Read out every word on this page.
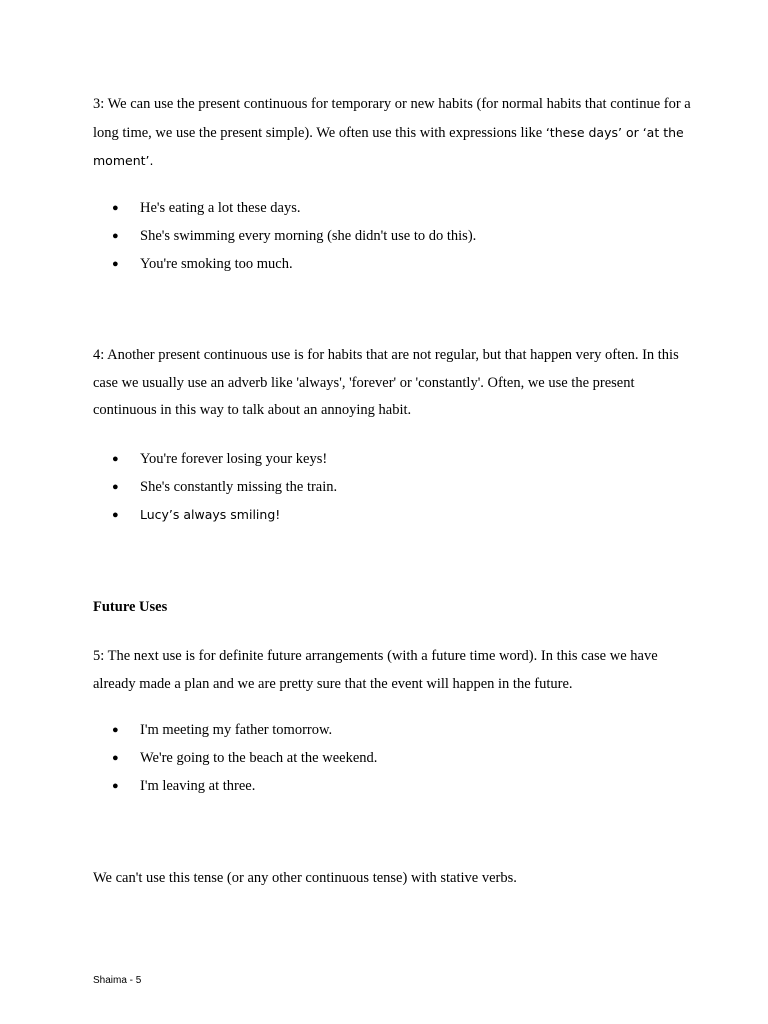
3: We can use the present continuous for temporary or new habits (for normal habits that continue for a long time, we use the present simple). We often use this with expressions like ‘these days’ or ‘at the moment’.

● He's eating a lot these days.
● She's swimming every morning (she didn't use to do this).
● You're smoking too much.

4: Another present continuous use is for habits that are not regular, but that happen very often. In this case we usually use an adverb like 'always', 'forever' or 'constantly'. Often, we use the present continuous in this way to talk about an annoying habit.

● You're forever losing your keys!
● She's constantly missing the train.
● Lucy’s always smiling!
Future Uses

5: The next use is for definite future arrangements (with a future time word). In this case we have already made a plan and we are pretty sure that the event will happen in the future.

● I'm meeting my father tomorrow.
● We're going to the beach at the weekend.
● I'm leaving at three.

We can't use this tense (or any other continuous tense) with stative verbs.

Shaima - 5
